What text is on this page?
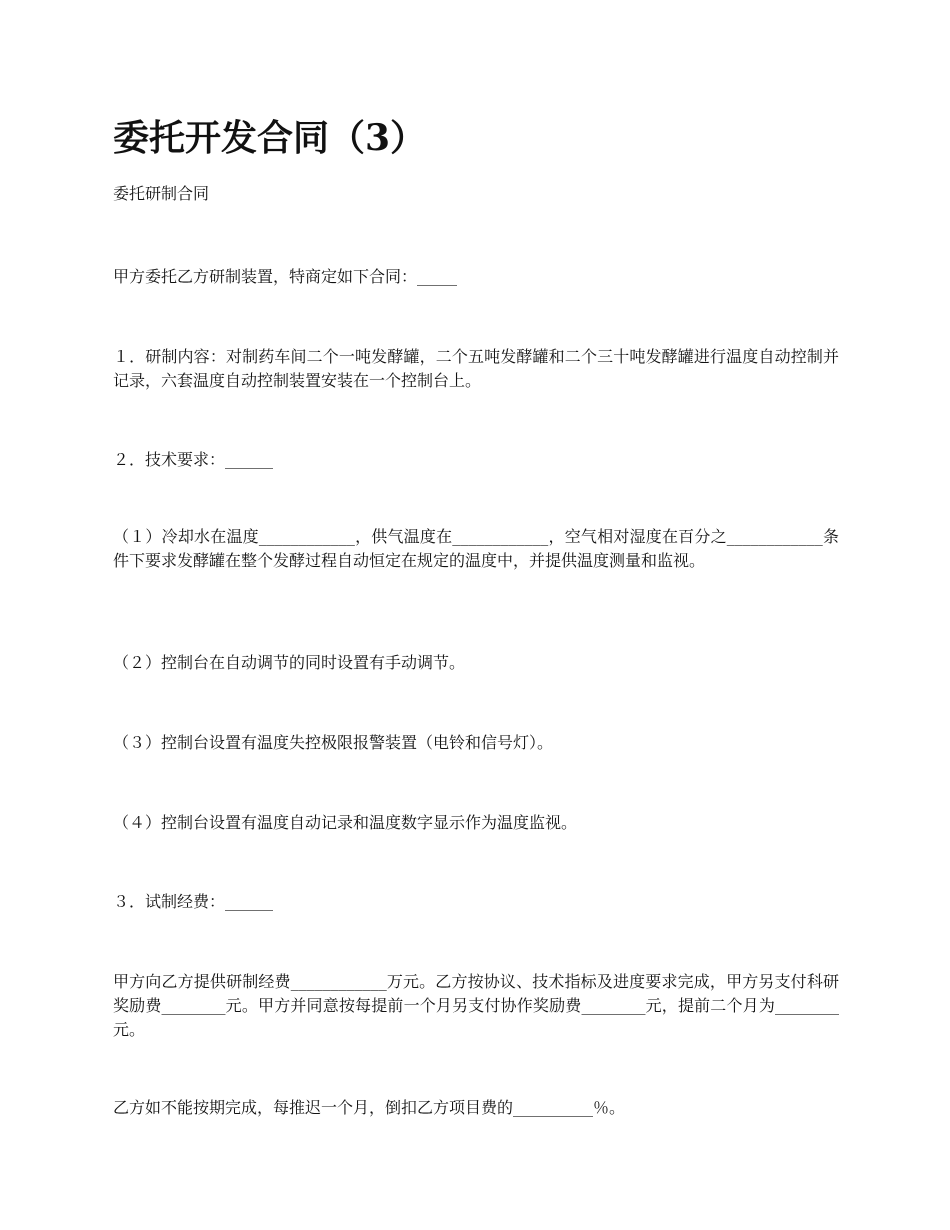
委托开发合同（3）

委托研制合同

甲方委托乙方研制装置，特商定如下合同：_____

１．研制内容：对制药车间二个一吨发酵罐，二个五吨发酵罐和二个三十吨发酵罐进行温度自动控制并记录，六套温度自动控制装置安装在一个控制台上。

２．技术要求：______

（１）冷却水在温度____________，供气温度在____________，空气相对湿度在百分之____________条件下要求发酵罐在整个发酵过程自动恒定在规定的温度中，并提供温度测量和监视。

（２）控制台在自动调节的同时设置有手动调节。

（３）控制台设置有温度失控极限报警装置（电铃和信号灯）。

（４）控制台设置有温度自动记录和温度数字显示作为温度监视。

３．试制经费：______

甲方向乙方提供研制经费____________万元。乙方按协议、技术指标及进度要求完成，甲方另支付科研奖励费________元。甲方并同意按每提前一个月另支付协作奖励费________元，提前二个月为________元。

乙方如不能按期完成，每推迟一个月，倒扣乙方项目费的__________％。
